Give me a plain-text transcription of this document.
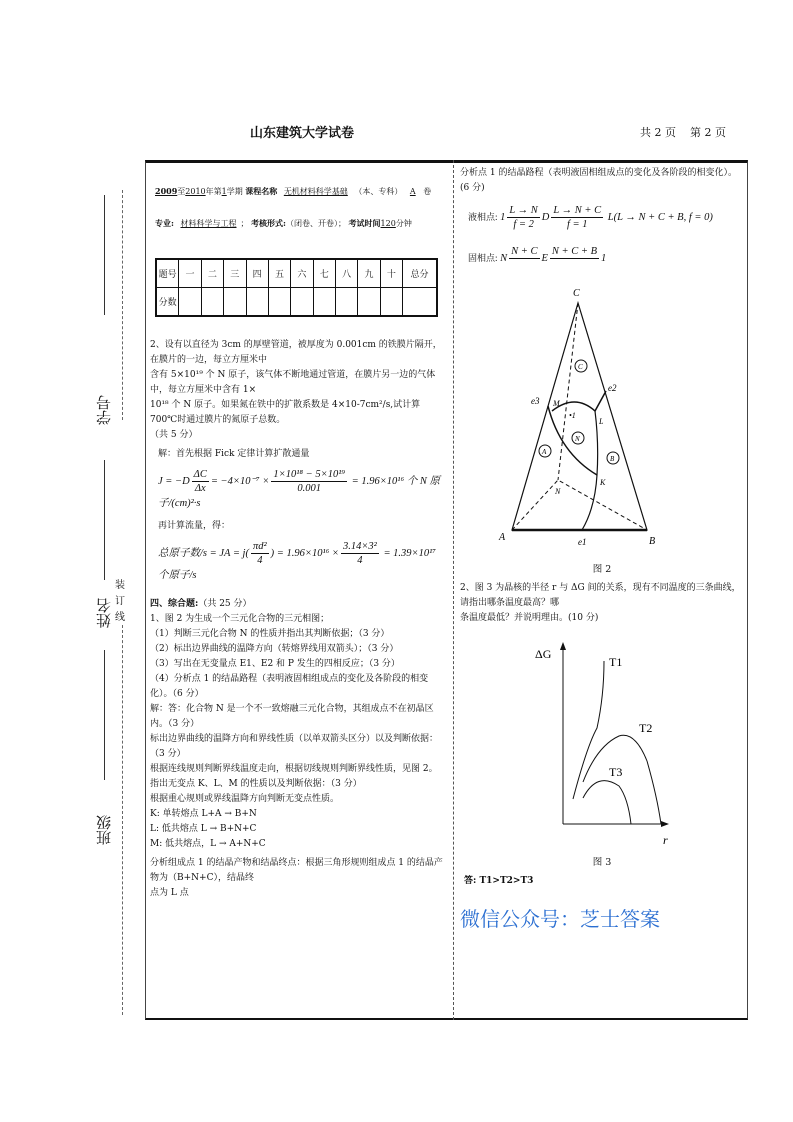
山东建筑大学试卷	共 2 页    第 2 页
学号
姓名
班级
装
订
线
2009至2010年第1学期 课程名称 无机材料科学基础 （本、专科） A 卷
专业: 材料科学与工程 ； 考核形式:（闭卷、开卷）； 考试时间120分钟
题号	一	二	三	四	五	六	七	八	九	十	总分
分数											
2、设有以直径为 3cm 的厚壁管道，被厚度为 0.001cm 的铁膜片隔开，在膜片的一边，每立方厘米中
含有 5×10¹⁹ 个 N 原子，该气体不断地通过管道，在膜片另一边的气体中，每立方厘米中含有 1×
10¹⁸ 个 N 原子。如果氮在铁中的扩散系数是 4×10-7cm²/s,试计算 700℃时通过膜片的氮原子总数。
（共 5 分）
解：首先根据 Fick 定律计算扩散通量
$J = -D \frac{\Delta C}{\Delta x} = -4\times 10^{-7} \times \frac{\text{1×10¹⁸ − 5×10¹⁹}}{0.001} = 1.96\times 10^{16}$ 个 N 原子/(cm)²·s
再计算流量，得：
总原子数/s = JA = $j( \frac{\text{πd²}}{4}$ ) = $1.96\times 10^{16} \times \frac{\text{3.14×3²}}{4} = 1.39\times 10^{17}$ 个原子/s
四、综合题:（共 25 分）
1、图 2 为生成一个三元化合物的三元相图；
（1）判断三元化合物 N 的性质并指出其判断依据；（3 分）
（2）标出边界曲线的温降方向（转熔界线用双箭头）；（3 分）
（3）写出在无变量点 E1、E2 和 P 发生的四相反应；（3 分）
（4）分析点 1 的结晶路程（表明液固相组成点的变化及各阶段的相变化）。（6 分）
解：答：化合物 N 是一个不一致熔融三元化合物，其组成点不在初晶区内。（3 分）
标出边界曲线的温降方向和界线性质（以单双箭头区分）以及判断依据：（3 分）
根据连线规则判断界线温度走向，根据切线规则判断界线性质，见图 2。
指出无变点 K、L、M 的性质以及判断依据：（3 分）
根据重心规则或界线温降方向判断无变点性质。
K: 单转熔点 L+A → B+N
L: 低共熔点 L → B+N+C
M: 低共熔点，L → A+N+C
分析组成点 1 的结晶产物和结晶终点：根据三角形规则组成点 1 的结晶产物为（B+N+C），结晶终
点为 L 点
分析点 1 的结晶路程（表明液固相组成点的变化及各阶段的相变化）。(6 分)
液相点: $1 \frac{L \to N}{f = 2}$ D $\frac{L \to N + C}{f = 1} L(L \to N + C + B$, f = 0)
固相点: N
N + C

E
N + C + B

1
C
A	B
e1
e2
e3 M
L
K
N
•1
C
A
B
N
图 2
2、图 3 为晶核的半径 r 与 ΔG 间的关系，现有不同温度的三条曲线，请指出哪条温度最高？哪
条温度最低？并说明理由。(10 分)
ΔG
r
T1
T2
T3
图 3
答: T1>T2>T3
微信公众号：芝士答案
